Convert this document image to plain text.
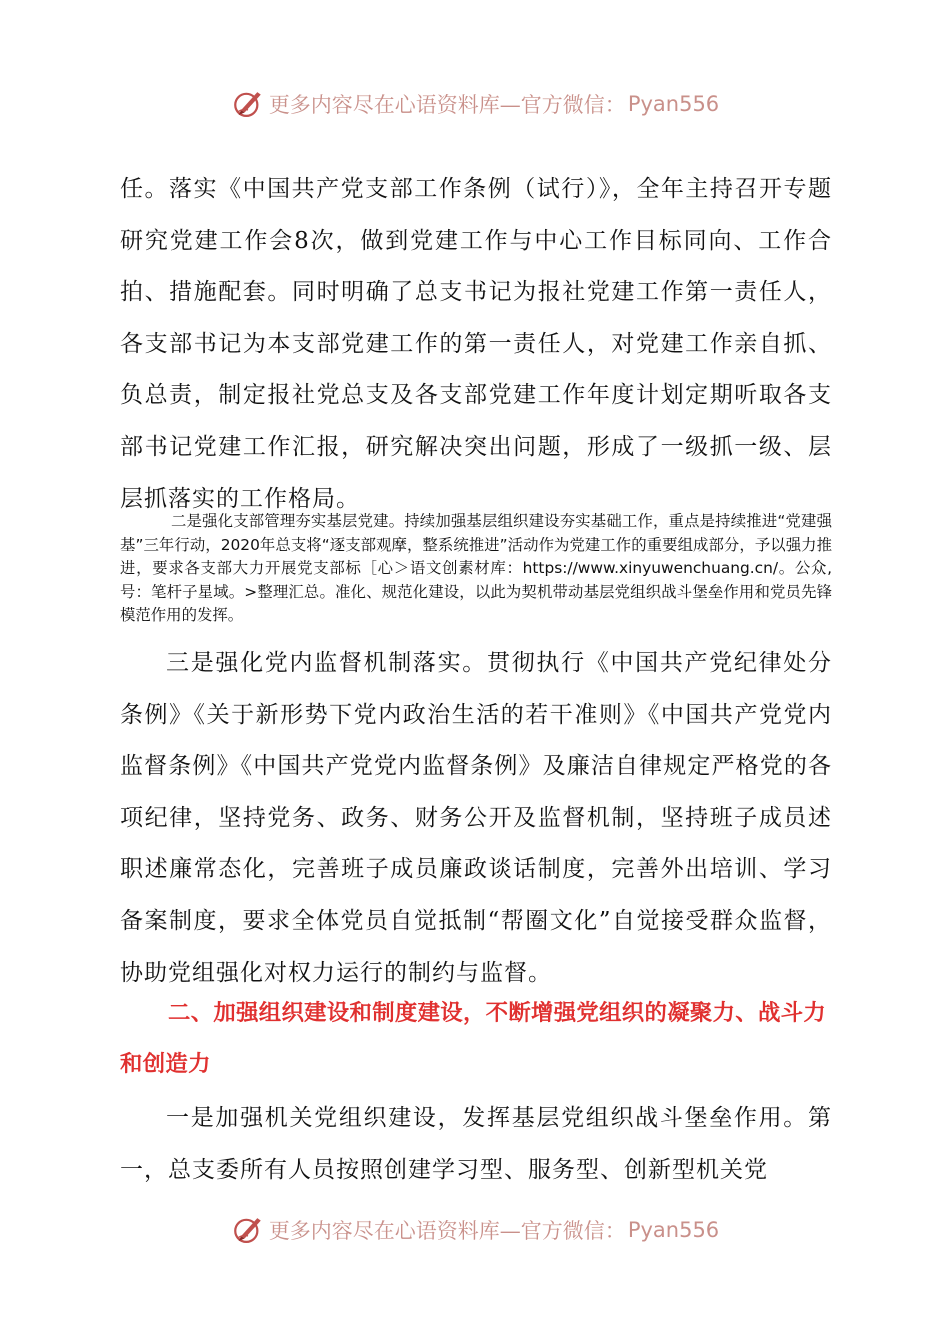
更多内容尽在心语资料库—官方微信： Pyan556
任。落实《中国共产党支部工作条例（试行）》，全年主持召开专题研究党建工作会8次，做到党建工作与中心工作目标同向、工作合拍、措施配套。同时明确了总支书记为报社党建工作第一责任人，各支部书记为本支部党建工作的第一责任人，对党建工作亲自抓、负总责，制定报社党总支及各支部党建工作年度计划定期听取各支部书记党建工作汇报，研究解决突出问题，形成了一级抓一级、层层抓落实的工作格局。
二是强化支部管理夯实基层党建。持续加强基层组织建设夯实基础工作，重点是持续推进“党建强基”三年行动，2020年总支将“逐支部观摩，整系统推进”活动作为党建工作的重要组成部分，予以强力推进，要求各支部大力开展党支部标［心＞语文创素材库：https://www.xinyuwenchuang.cn/。公众,号：笔杆子星域。>整理汇总。准化、规范化建设，以此为契机带动基层党组织战斗堡垒作用和党员先锋模范作用的发挥。
三是强化党内监督机制落实。贯彻执行《中国共产党纪律处分条例》《关于新形势下党内政治生活的若干准则》《中国共产党党内监督条例》《中国共产党党内监督条例》及廉洁自律规定严格党的各项纪律，坚持党务、政务、财务公开及监督机制，坚持班子成员述职述廉常态化，完善班子成员廉政谈话制度，完善外出培训、学习备案制度，要求全体党员自觉抵制“帮圈文化”自觉接受群众监督，协助党组强化对权力运行的制约与监督。
二、加强组织建设和制度建设，不断增强党组织的凝聚力、战斗力和创造力
一是加强机关党组织建设，发挥基层党组织战斗堡垒作用。第一，总支委所有人员按照创建学习型、服务型、创新型机关党
更多内容尽在心语资料库—官方微信： Pyan556
